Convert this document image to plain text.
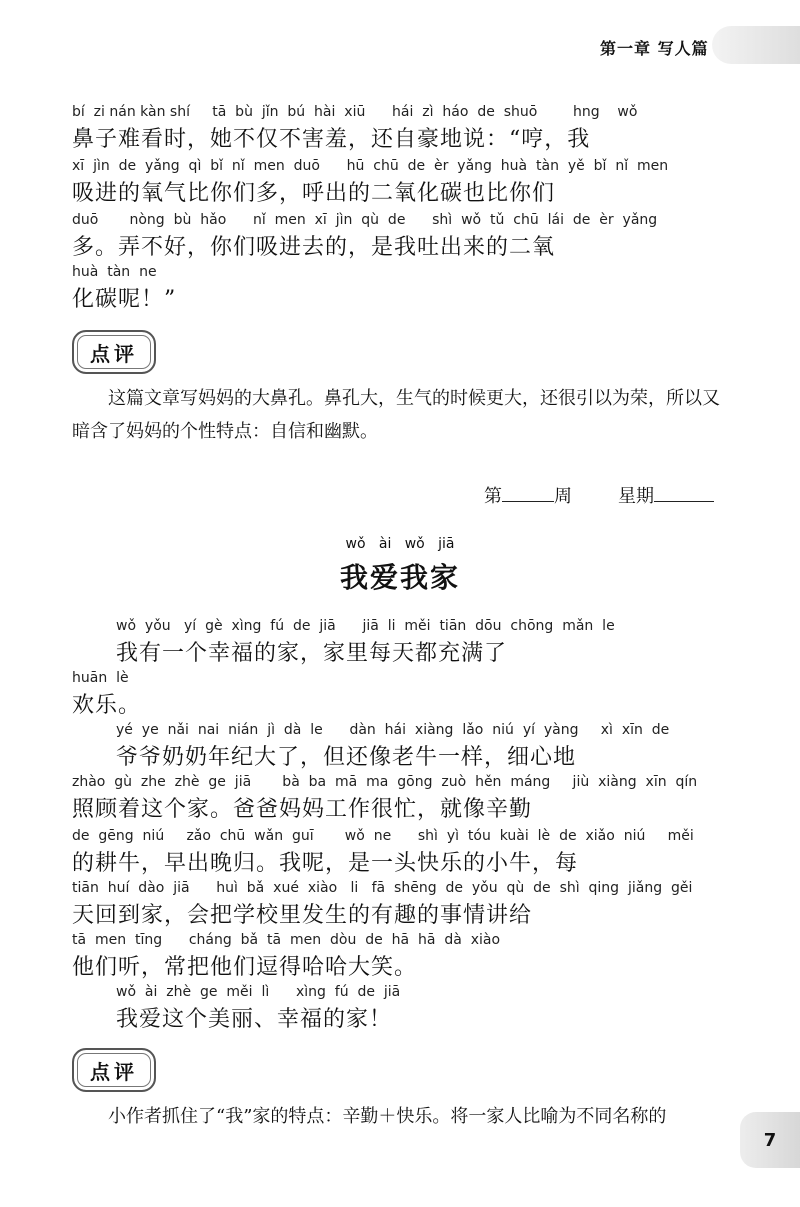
第一章 写人篇
bí  zi nán kàn shí     tā  bù  jǐn  bú  hài  xiū      hái  zì  háo  de  shuō        hng    wǒ
鼻子难看时，她不仅不害羞，还自豪地说：“哼，我
xī  jìn  de  yǎng  qì  bǐ  nǐ  men  duō      hū  chū  de  èr  yǎng  huà  tàn  yě  bǐ  nǐ  men
吸进的氧气比你们多，呼出的二氧化碳也比你们
duō       nòng  bù  hǎo      nǐ  men  xī  jìn  qù  de      shì  wǒ  tǔ  chū  lái  de  èr  yǎng
多。弄不好，你们吸进去的，是我吐出来的二氧
huà  tàn  ne
化碳呢！”
点评
这篇文章写妈妈的大鼻孔。鼻孔大，生气的时候更大，还很引以为荣，所以又暗含了妈妈的个性特点：自信和幽默。
第	周	星期
wǒ   ài   wǒ   jiā
我爱我家
wǒ  yǒu   yí  gè  xìng  fú  de  jiā      jiā  li  měi  tiān  dōu  chōng  mǎn  le
我有一个幸福的家，家里每天都充满了
huān  lè
欢乐。
yé  ye  nǎi  nai  nián  jì  dà  le      dàn  hái  xiàng  lǎo  niú  yí  yàng     xì  xīn  de
爷爷奶奶年纪大了，但还像老牛一样，细心地
zhào  gù  zhe  zhè  ge  jiā       bà  ba  mā  ma  gōng  zuò  hěn  máng     jiù  xiàng  xīn  qín
照顾着这个家。爸爸妈妈工作很忙，就像辛勤
de  gēng  niú     zǎo  chū  wǎn  guī       wǒ  ne      shì  yì  tóu  kuài  lè  de  xiǎo  niú     měi
的耕牛，早出晚归。我呢，是一头快乐的小牛，每
tiān  huí  dào  jiā      huì  bǎ  xué  xiào   li   fā  shēng  de  yǒu  qù  de  shì  qing  jiǎng  gěi
天回到家，会把学校里发生的有趣的事情讲给
tā  men  tīng      cháng  bǎ  tā  men  dòu  de  hā  hā  dà  xiào
他们听，常把他们逗得哈哈大笑。
wǒ  ài  zhè  ge  měi  lì      xìng  fú  de  jiā
我爱这个美丽、幸福的家！
点评
小作者抓住了“我”家的特点：辛勤＋快乐。将一家人比喻为不同名称的
7
